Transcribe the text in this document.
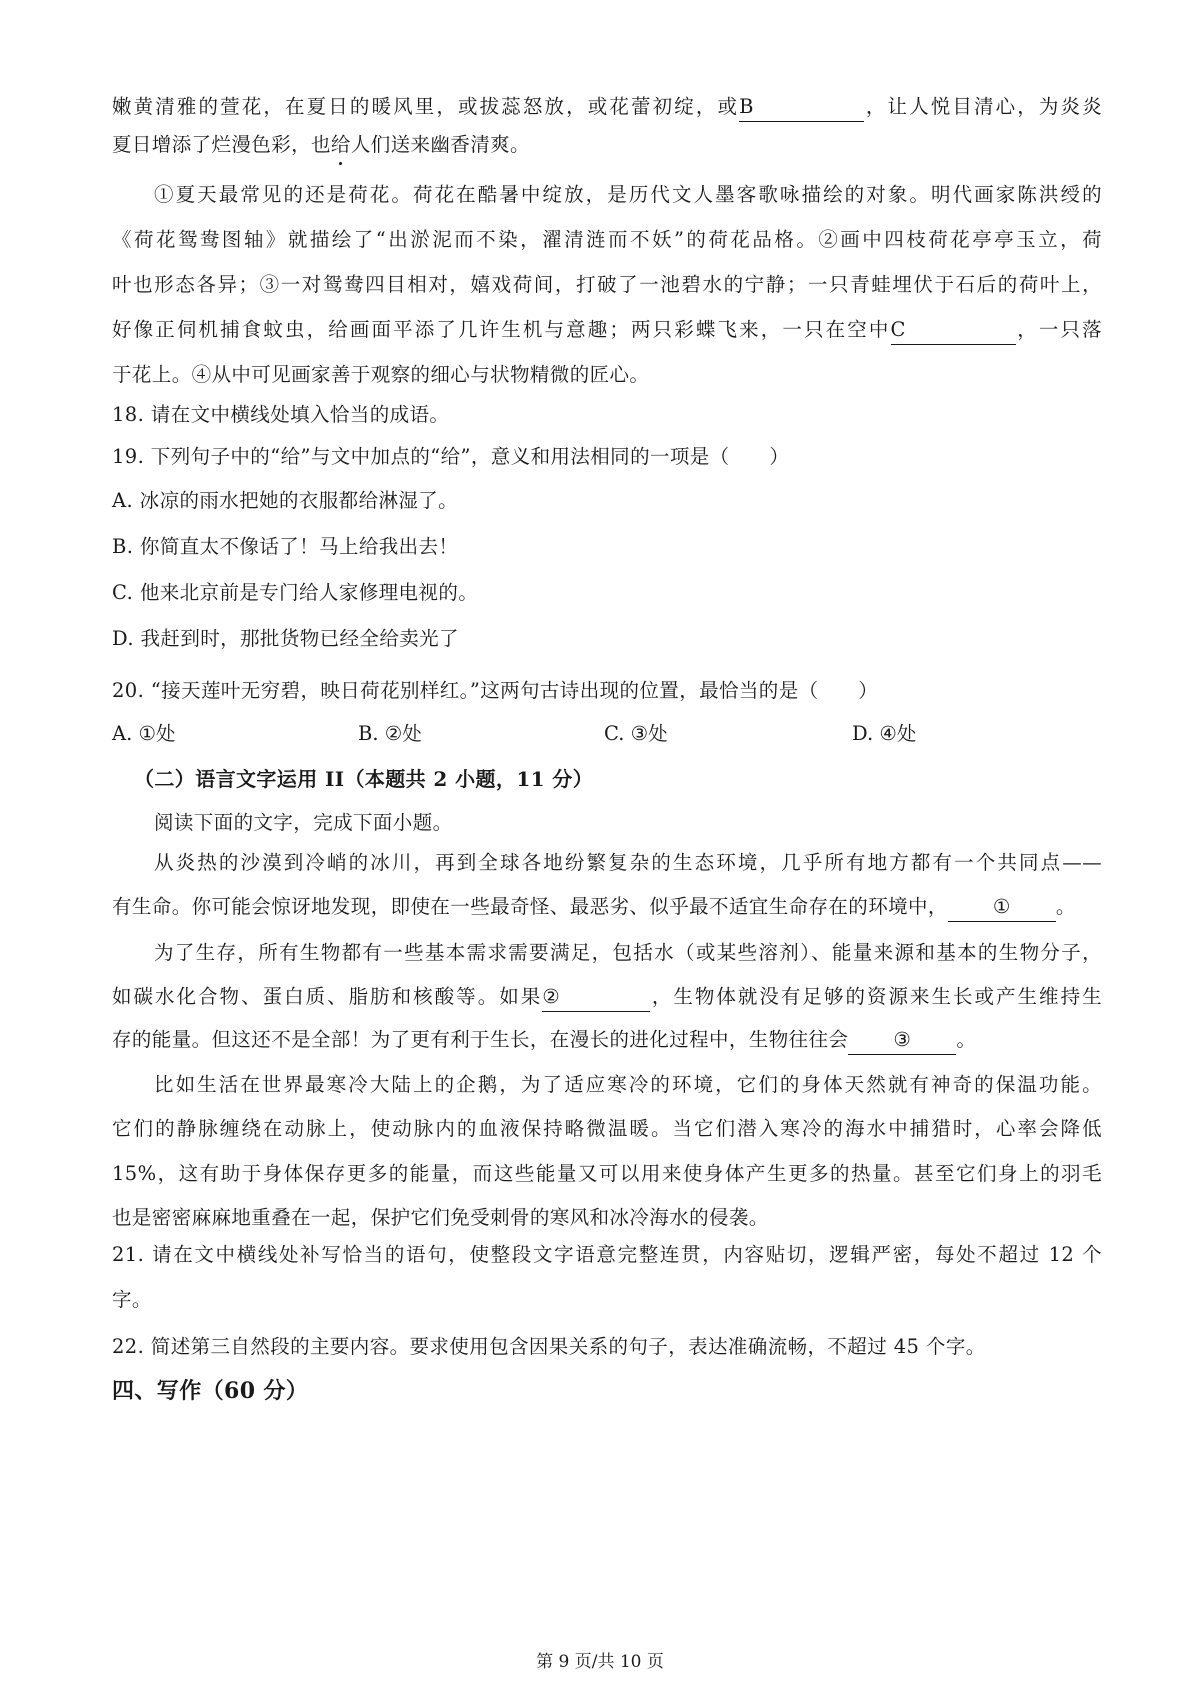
嫩黄清雅的萱花，在夏日的暖风里，或拔蕊怒放，或花蕾初绽，或B	，让人悦目清心，为炎炎
夏日增添了烂漫色彩，也给人们送来幽香清爽。
①夏天最常见的还是荷花。荷花在酷暑中绽放，是历代文人墨客歌咏描绘的对象。明代画家陈洪绶的
《荷花鸳鸯图轴》就描绘了“出淤泥而不染，濯清涟而不妖”的荷花品格。②画中四枝荷花亭亭玉立，荷
叶也形态各异；③一对鸳鸯四目相对，嬉戏荷间，打破了一池碧水的宁静；一只青蛙埋伏于石后的荷叶上，
好像正伺机捕食蚊虫，给画面平添了几许生机与意趣；两只彩蝶飞来，一只在空中C	，一只落
于花上。④从中可见画家善于观察的细心与状物精微的匠心。
18. 请在文中横线处填入恰当的成语。
19. 下列句子中的“给”与文中加点的“给”，意义和用法相同的一项是（　　）
A. 冰凉的雨水把她的衣服都给淋湿了。
B. 你简直太不像话了！马上给我出去！
C. 他来北京前是专门给人家修理电视的。
D. 我赶到时，那批货物已经全给卖光了
20. “接天莲叶无穷碧，映日荷花别样红。”这两句古诗出现的位置，最恰当的是（　　）
A. ①处	B. ②处	C. ③处	D. ④处
（二）语言文字运用 II（本题共 2 小题，11 分）
阅读下面的文字，完成下面小题。
从炎热的沙漠到冷峭的冰川，再到全球各地纷繁复杂的生态环境，几乎所有地方都有一个共同点——
有生命。你可能会惊讶地发现，即使在一些最奇怪、最恶劣、似乎最不适宜生命存在的环境中， ① 。
为了生存，所有生物都有一些基本需求需要满足，包括水（或某些溶剂）、能量来源和基本的生物分子，
如碳水化合物、蛋白质、脂肪和核酸等。如果②	，生物体就没有足够的资源来生长或产生维持生
存的能量。但这还不是全部！为了更有利于生长，在漫长的进化过程中，生物往往会 ③ 。
比如生活在世界最寒冷大陆上的企鹅，为了适应寒冷的环境，它们的身体天然就有神奇的保温功能。
它们的静脉缠绕在动脉上，使动脉内的血液保持略微温暖。当它们潜入寒冷的海水中捕猎时，心率会降低
15%，这有助于身体保存更多的能量，而这些能量又可以用来使身体产生更多的热量。甚至它们身上的羽毛
也是密密麻麻地重叠在一起，保护它们免受刺骨的寒风和冰冷海水的侵袭。
21. 请在文中横线处补写恰当的语句，使整段文字语意完整连贯，内容贴切，逻辑严密，每处不超过 12 个
字。
22. 简述第三自然段的主要内容。要求使用包含因果关系的句子，表达准确流畅，不超过 45 个字。
四、写作（60 分）
第 9 页/共 10 页
